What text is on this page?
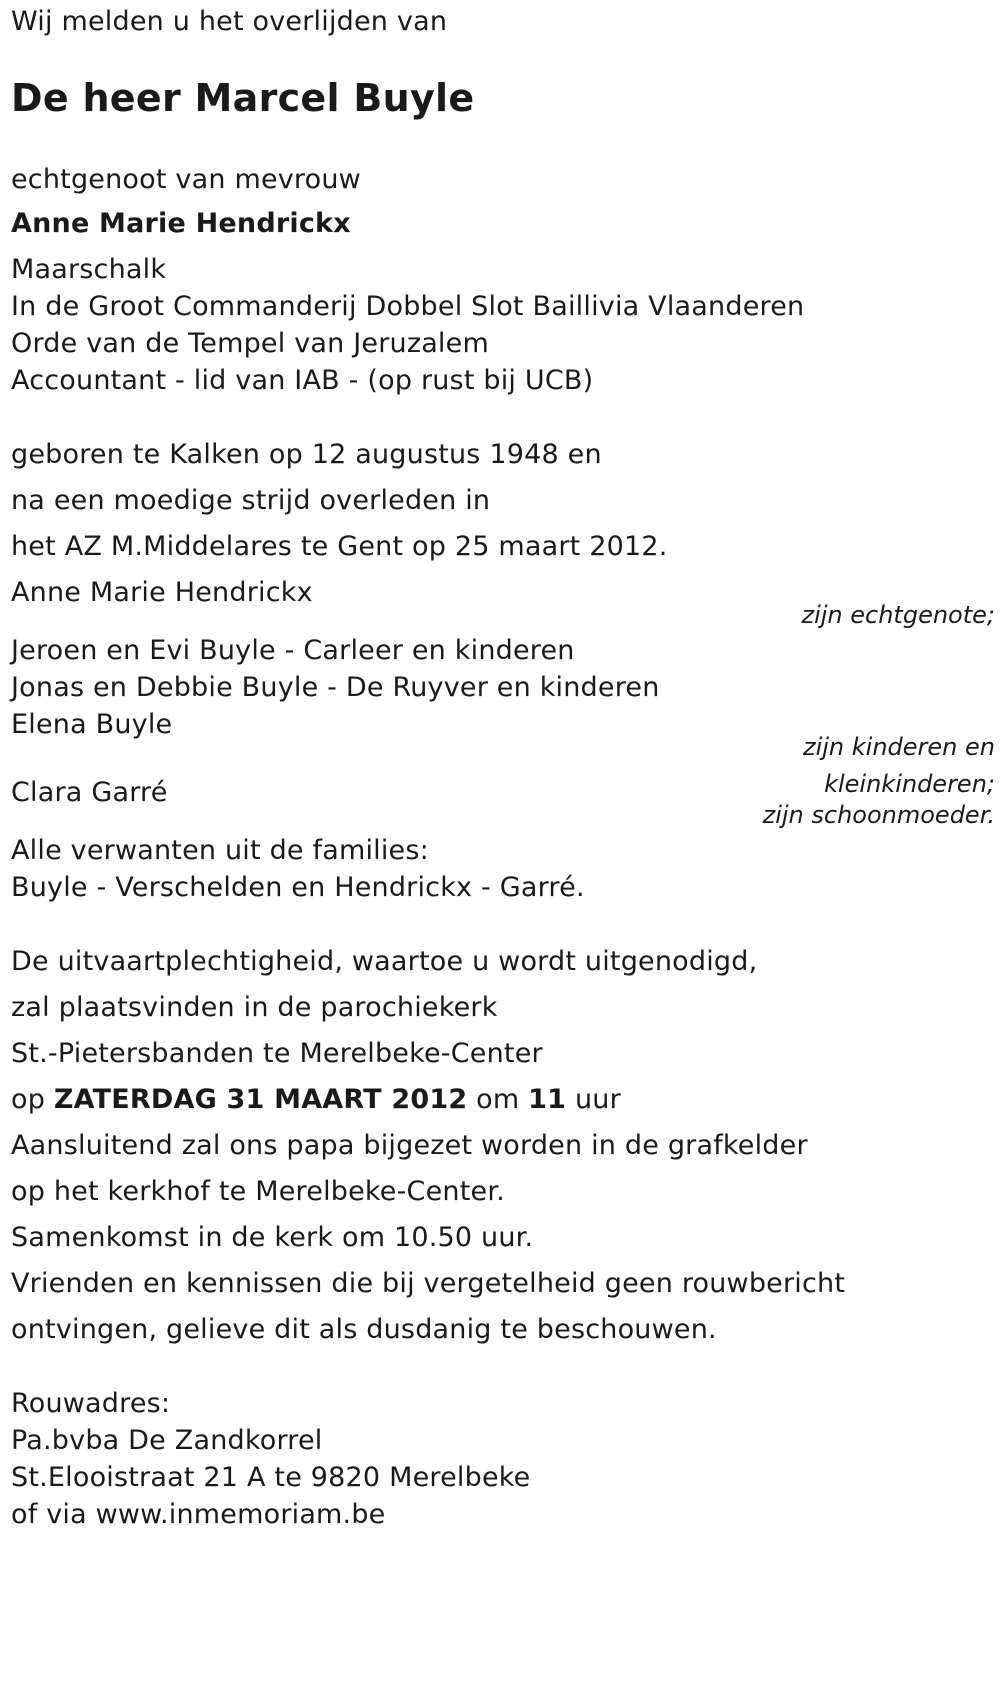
Wij melden u het overlijden van
De heer Marcel Buyle
echtgenoot van mevrouw
Anne Marie Hendrickx
Maarschalk
In de Groot Commanderij Dobbel Slot Baillivia Vlaanderen
Orde van de Tempel van Jeruzalem
Accountant - lid van IAB - (op rust bij UCB)
geboren te Kalken op 12 augustus 1948 en
na een moedige strijd overleden in
het AZ M.Middelares te Gent op 25 maart 2012.
Anne Marie Hendrickx
zijn echtgenote;
Jeroen en Evi Buyle - Carleer en kinderen
Jonas en Debbie Buyle - De Ruyver en kinderen
Elena Buyle
zijn kinderen en
kleinkinderen;
Clara Garré
zijn schoonmoeder.
Alle verwanten uit de families:
Buyle - Verschelden en Hendrickx - Garré.
De uitvaartplechtigheid, waartoe u wordt uitgenodigd,
zal plaatsvinden in de parochiekerk
St.-Pietersbanden te Merelbeke-Center
op ZATERDAG 31 MAART 2012 om 11 uur
Aansluitend zal ons papa bijgezet worden in de grafkelder
op het kerkhof te Merelbeke-Center.
Samenkomst in de kerk om 10.50 uur.
Vrienden en kennissen die bij vergetelheid geen rouwbericht
ontvingen, gelieve dit als dusdanig te beschouwen.
Rouwadres:
Pa.bvba De Zandkorrel
St.Elooistraat 21 A te 9820 Merelbeke
of via www.inmemoriam.be
